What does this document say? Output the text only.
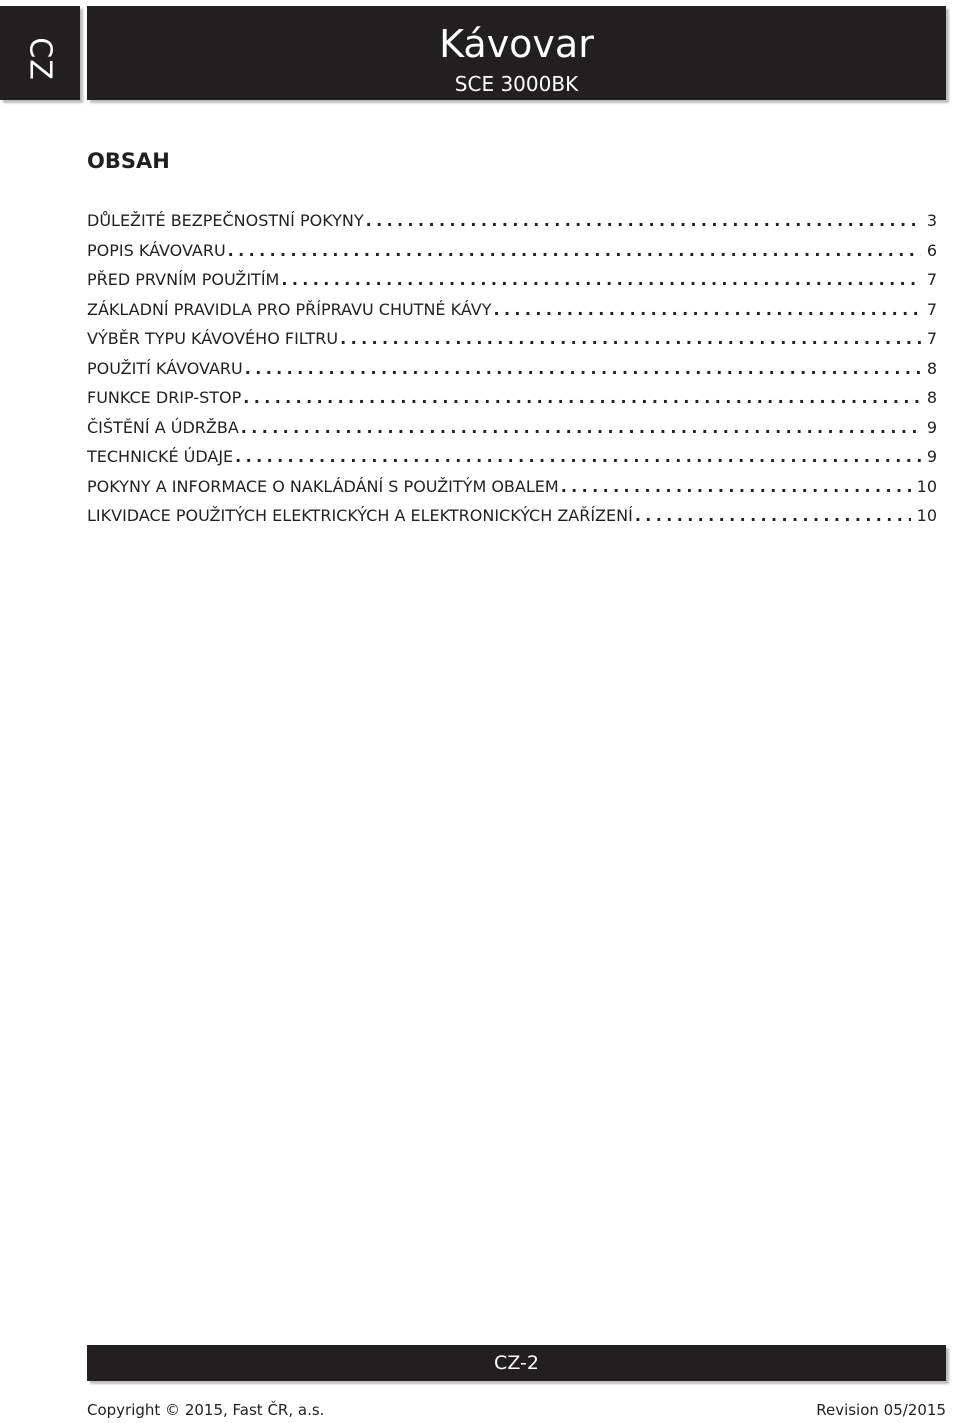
CZ	Kávovar
SCE 3000BK
OBSAH
DŮLEŽITÉ BEZPEČNOSTNÍ POKYNY .....	3
POPIS KÁVOVARU .....	6
PŘED PRVNÍM POUŽITÍM .....	7
ZÁKLADNÍ PRAVIDLA PRO PŘÍPRAVU CHUTNÉ KÁVY .....	7
VÝBĚR TYPU KÁVOVÉHO FILTRU .....	7
POUŽITÍ KÁVOVARU .....	8
FUNKCE DRIP-STOP .....	8
ČIŠTĚNÍ A ÚDRŽBA .....	9
TECHNICKÉ ÚDAJE .....	9
POKYNY A INFORMACE O NAKLÁDÁNÍ S POUŽITÝM OBALEM .....	10
LIKVIDACE POUŽITÝCH ELEKTRICKÝCH A ELEKTRONICKÝCH ZAŘÍZENÍ .....	10
CZ-2
Copyright © 2015, Fast ČR, a.s.	Revision 05/2015
